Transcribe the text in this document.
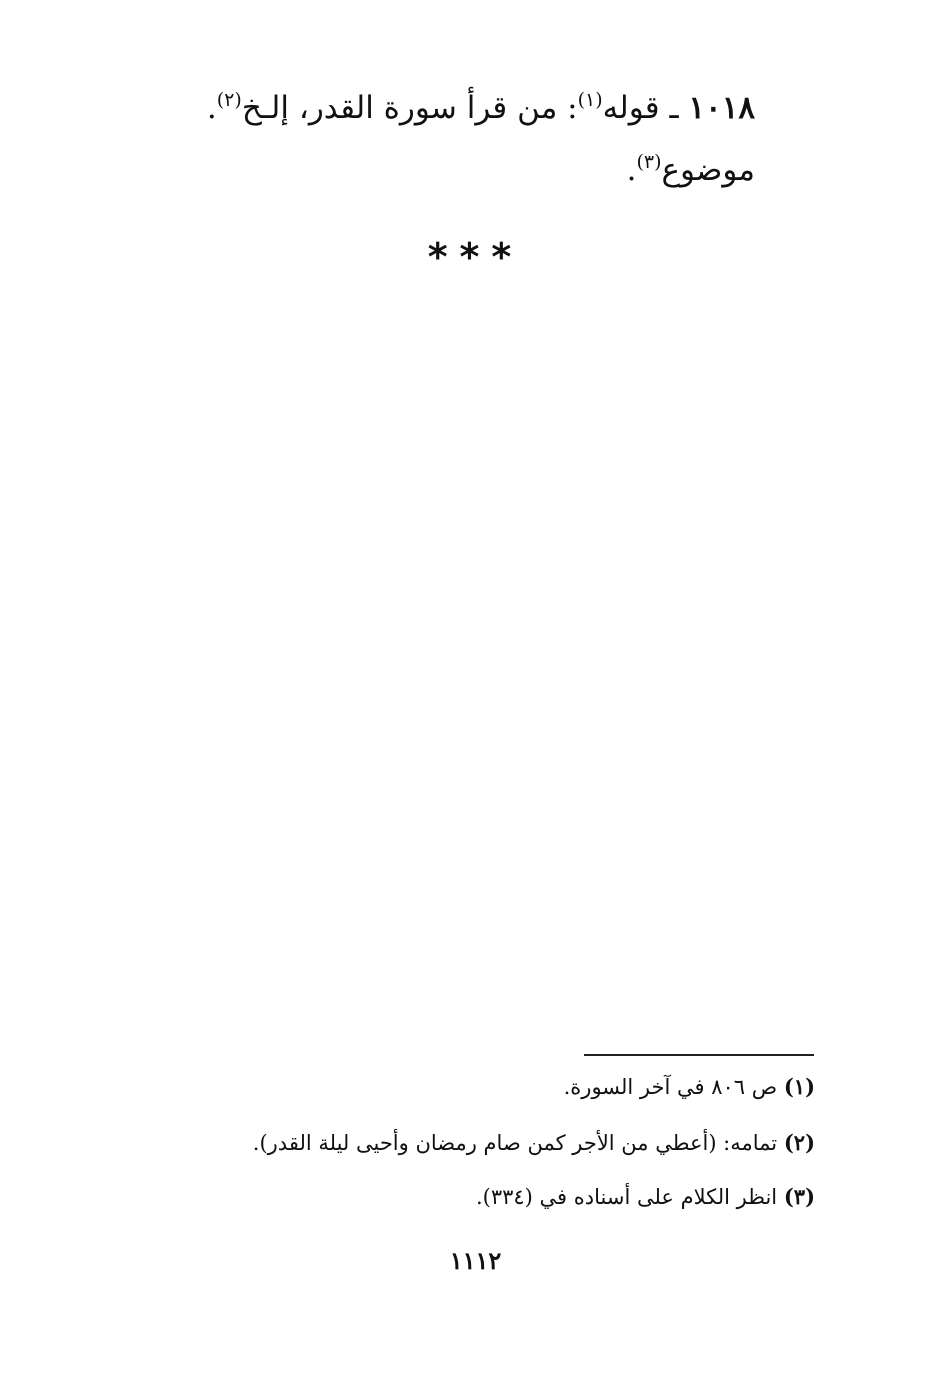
١٠١٨ ـ قوله$^{(١)}$: من قرأ سورة القدر، إلـخ$^{(٢)}$.
موضوع$^{(٣)}$.
***
(١) ص ٨٠٦ في آخر السورة.
(٢) تمامه: (أعطي من الأجر كمن صام رمضان وأحيى ليلة القدر).
(٣) انظر الكلام على أسناده في (٣٣٤).
١١١٢
